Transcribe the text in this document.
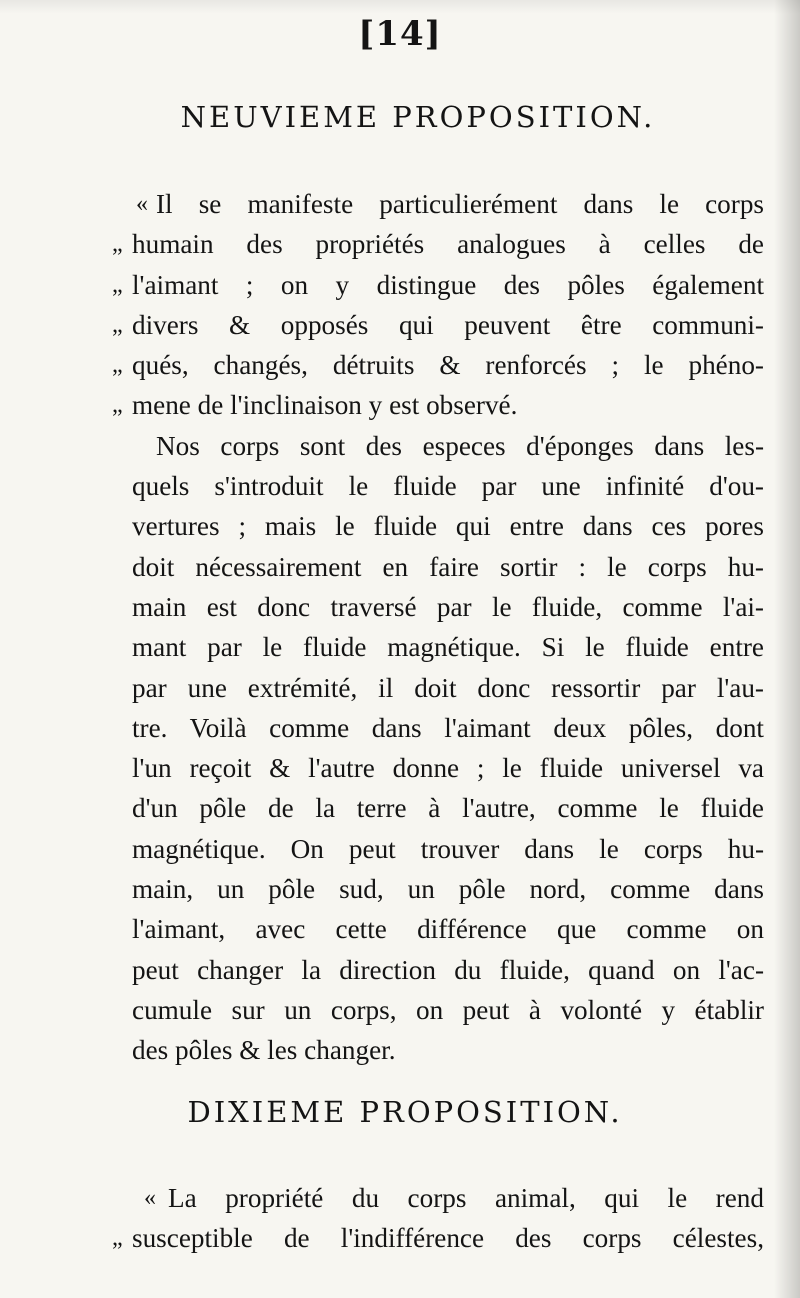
[14]
NEUVIEME PROPOSITION.
« Il se manifeste particulierément dans le corps
„ humain des propriétés analogues à celles de
„ l'aimant ; on y distingue des pôles également
„ divers & opposés qui peuvent être communi-
„ qués, changés, détruits & renforcés ; le phéno-
„ mene de l'inclinaison y est observé.
Nos corps sont des especes d'éponges dans les-
quels s'introduit le fluide par une infinité d'ou-
vertures ; mais le fluide qui entre dans ces pores
doit nécessairement en faire sortir : le corps hu-
main est donc traversé par le fluide, comme l'ai-
mant par le fluide magnétique. Si le fluide entre
par une extrémité, il doit donc ressortir par l'au-
tre. Voilà comme dans l'aimant deux pôles, dont
l'un reçoit & l'autre donne ; le fluide universel va
d'un pôle de la terre à l'autre, comme le fluide
magnétique. On peut trouver dans le corps hu-
main, un pôle sud, un pôle nord, comme dans
l'aimant, avec cette différence que comme on
peut changer la direction du fluide, quand on l'ac-
cumule sur un corps, on peut à volonté y établir
des pôles & les changer.
DIXIEME PROPOSITION.
« La propriété du corps animal, qui le rend
„ susceptible de l'indifférence des corps célestes,
